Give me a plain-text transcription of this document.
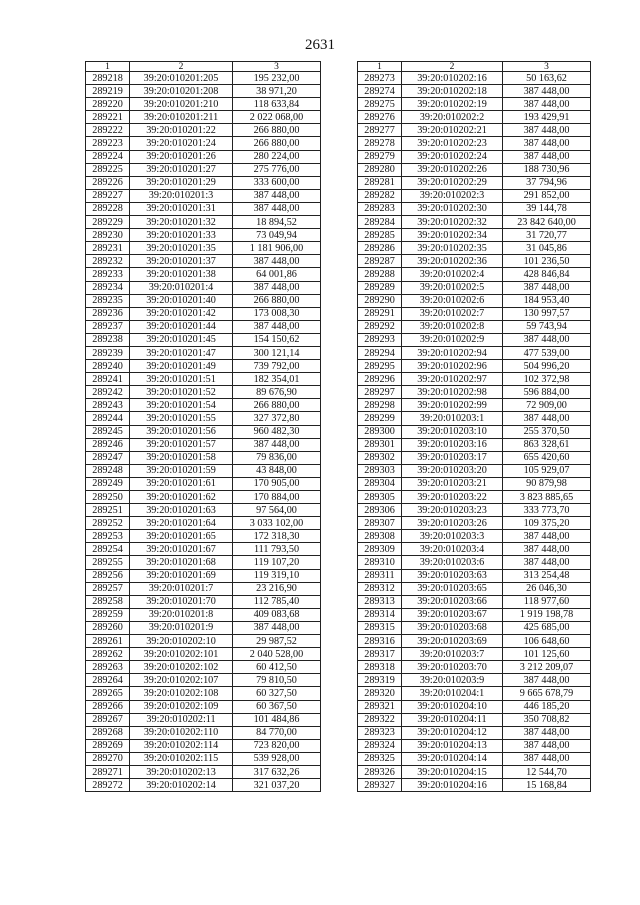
2631
1	2	3
289218	39:20:010201:205	195 232,00
289219	39:20:010201:208	38 971,20
289220	39:20:010201:210	118 633,84
289221	39:20:010201:211	2 022 068,00
289222	39:20:010201:22	266 880,00
289223	39:20:010201:24	266 880,00
289224	39:20:010201:26	280 224,00
289225	39:20:010201:27	275 776,00
289226	39:20:010201:29	333 600,00
289227	39:20:010201:3	387 448,00
289228	39:20:010201:31	387 448,00
289229	39:20:010201:32	18 894,52
289230	39:20:010201:33	73 049,94
289231	39:20:010201:35	1 181 906,00
289232	39:20:010201:37	387 448,00
289233	39:20:010201:38	64 001,86
289234	39:20:010201:4	387 448,00
289235	39:20:010201:40	266 880,00
289236	39:20:010201:42	173 008,30
289237	39:20:010201:44	387 448,00
289238	39:20:010201:45	154 150,62
289239	39:20:010201:47	300 121,14
289240	39:20:010201:49	739 792,00
289241	39:20:010201:51	182 354,01
289242	39:20:010201:52	89 676,90
289243	39:20:010201:54	266 880,00
289244	39:20:010201:55	327 372,80
289245	39:20:010201:56	960 482,30
289246	39:20:010201:57	387 448,00
289247	39:20:010201:58	79 836,00
289248	39:20:010201:59	43 848,00
289249	39:20:010201:61	170 905,00
289250	39:20:010201:62	170 884,00
289251	39:20:010201:63	97 564,00
289252	39:20:010201:64	3 033 102,00
289253	39:20:010201:65	172 318,30
289254	39:20:010201:67	111 793,50
289255	39:20:010201:68	119 107,20
289256	39:20:010201:69	119 319,10
289257	39:20:010201:7	23 216,90
289258	39:20:010201:70	112 785,40
289259	39:20:010201:8	409 083,68
289260	39:20:010201:9	387 448,00
289261	39:20:010202:10	29 987,52
289262	39:20:010202:101	2 040 528,00
289263	39:20:010202:102	60 412,50
289264	39:20:010202:107	79 810,50
289265	39:20:010202:108	60 327,50
289266	39:20:010202:109	60 367,50
289267	39:20:010202:11	101 484,86
289268	39:20:010202:110	84 770,00
289269	39:20:010202:114	723 820,00
289270	39:20:010202:115	539 928,00
289271	39:20:010202:13	317 632,26
289272	39:20:010202:14	321 037,20
1	2	3
289273	39:20:010202:16	50 163,62
289274	39:20:010202:18	387 448,00
289275	39:20:010202:19	387 448,00
289276	39:20:010202:2	193 429,91
289277	39:20:010202:21	387 448,00
289278	39:20:010202:23	387 448,00
289279	39:20:010202:24	387 448,00
289280	39:20:010202:26	188 730,96
289281	39:20:010202:29	37 794,96
289282	39:20:010202:3	291 852,00
289283	39:20:010202:30	39 144,78
289284	39:20:010202:32	23 842 640,00
289285	39:20:010202:34	31 720,77
289286	39:20:010202:35	31 045,86
289287	39:20:010202:36	101 236,50
289288	39:20:010202:4	428 846,84
289289	39:20:010202:5	387 448,00
289290	39:20:010202:6	184 953,40
289291	39:20:010202:7	130 997,57
289292	39:20:010202:8	59 743,94
289293	39:20:010202:9	387 448,00
289294	39:20:010202:94	477 539,00
289295	39:20:010202:96	504 996,20
289296	39:20:010202:97	102 372,98
289297	39:20:010202:98	596 884,00
289298	39:20:010202:99	72 909,00
289299	39:20:010203:1	387 448,00
289300	39:20:010203:10	255 370,50
289301	39:20:010203:16	863 328,61
289302	39:20:010203:17	655 420,60
289303	39:20:010203:20	105 929,07
289304	39:20:010203:21	90 879,98
289305	39:20:010203:22	3 823 885,65
289306	39:20:010203:23	333 773,70
289307	39:20:010203:26	109 375,20
289308	39:20:010203:3	387 448,00
289309	39:20:010203:4	387 448,00
289310	39:20:010203:6	387 448,00
289311	39:20:010203:63	313 254,48
289312	39:20:010203:65	26 046,30
289313	39:20:010203:66	118 977,60
289314	39:20:010203:67	1 919 198,78
289315	39:20:010203:68	425 685,00
289316	39:20:010203:69	106 648,60
289317	39:20:010203:7	101 125,60
289318	39:20:010203:70	3 212 209,07
289319	39:20:010203:9	387 448,00
289320	39:20:010204:1	9 665 678,79
289321	39:20:010204:10	446 185,20
289322	39:20:010204:11	350 708,82
289323	39:20:010204:12	387 448,00
289324	39:20:010204:13	387 448,00
289325	39:20:010204:14	387 448,00
289326	39:20:010204:15	12 544,70
289327	39:20:010204:16	15 168,84
